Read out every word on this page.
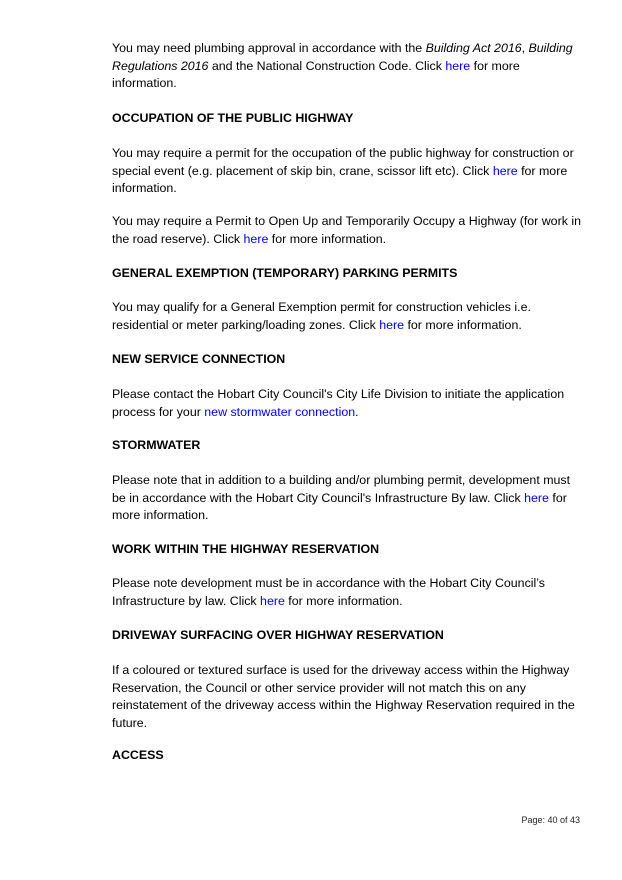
You may need plumbing approval in accordance with the Building Act 2016, Building Regulations 2016 and the National Construction Code. Click here for more information.

OCCUPATION OF THE PUBLIC HIGHWAY

You may require a permit for the occupation of the public highway for construction or special event (e.g. placement of skip bin, crane, scissor lift etc). Click here for more information.

You may require a Permit to Open Up and Temporarily Occupy a Highway (for work in the road reserve). Click here for more information.

GENERAL EXEMPTION (TEMPORARY) PARKING PERMITS

You may qualify for a General Exemption permit for construction vehicles i.e. residential or meter parking/loading zones. Click here for more information.

NEW SERVICE CONNECTION

Please contact the Hobart City Council's City Life Division to initiate the application process for your new stormwater connection.

STORMWATER

Please note that in addition to a building and/or plumbing permit, development must be in accordance with the Hobart City Council's Infrastructure By law. Click here for more information.

WORK WITHIN THE HIGHWAY RESERVATION

Please note development must be in accordance with the Hobart City Council’s Infrastructure by law. Click here for more information.

DRIVEWAY SURFACING OVER HIGHWAY RESERVATION

If a coloured or textured surface is used for the driveway access within the Highway Reservation, the Council or other service provider will not match this on any reinstatement of the driveway access within the Highway Reservation required in the future.

ACCESS
Page: 40 of 43
